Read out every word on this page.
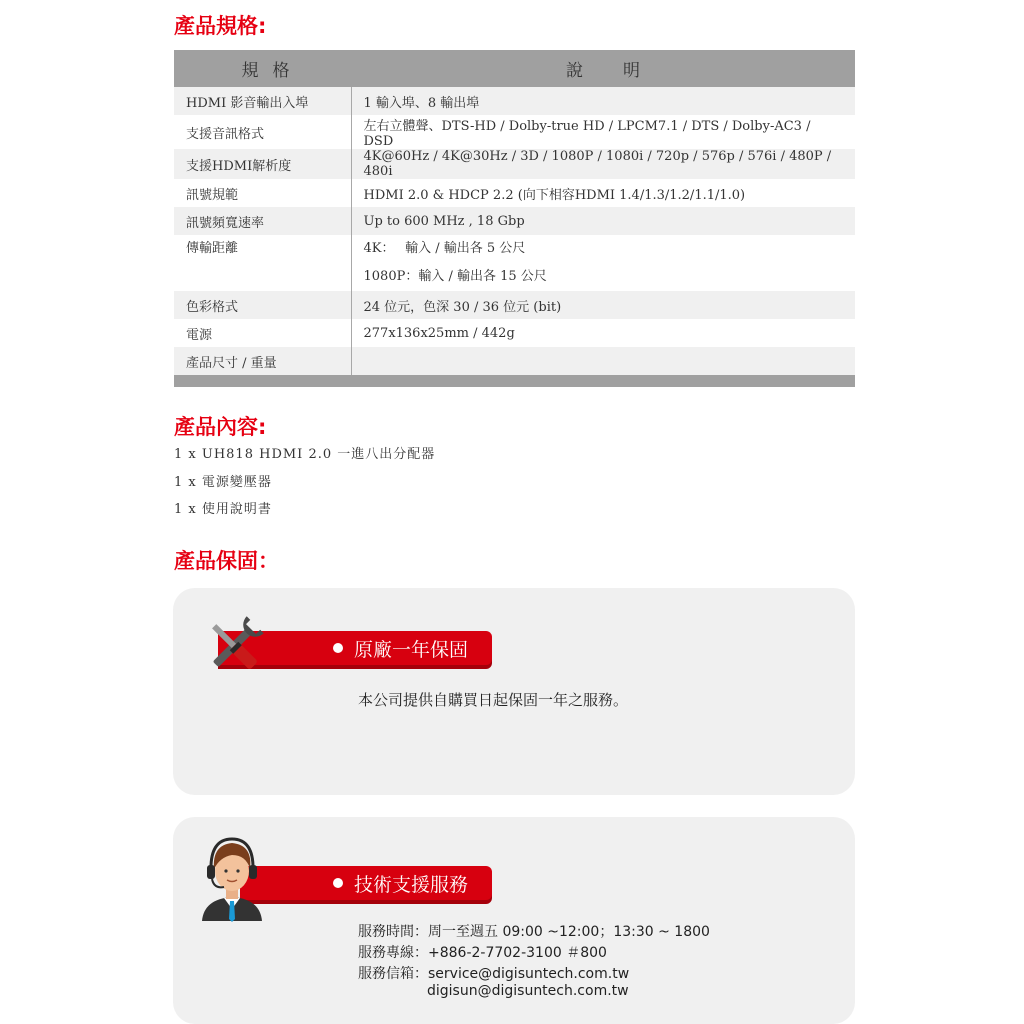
產品規格:
規格	說明
HDMI 影音輸出入埠	1 輸入埠、8 輸出埠
支援音訊格式	左右立體聲、DTS-HD / Dolby-true HD / LPCM7.1 / DTS / Dolby-AC3 / DSD
支援HDMI解析度	4K@60Hz / 4K@30Hz / 3D / 1080P / 1080i / 720p / 576p / 576i / 480P / 480i
訊號規範	HDMI 2.0 & HDCP 2.2 (向下相容HDMI 1.4/1.3/1.2/1.1/1.0)
訊號頻寬速率	Up to 600 MHz , 18 Gbp
傳輸距離	4K：　 輸入 / 輸出各 5 公尺
1080P：輸入 / 輸出各 15 公尺

色彩格式	24 位元，色深 30 / 36 位元 (bit)
電源	277x136x25mm / 442g
產品尺寸 / 重量	

產品內容:
1 x UH818 HDMI 2.0 一進八出分配器
1 x 電源變壓器
1 x 使用說明書
產品保固：
原廠一年保固
本公司提供自購買日起保固一年之服務。
技術支援服務
服務時間：周一至週五 09:00 ~12:00；13:30 ~ 1800
服務專線：+886-2-7702-3100 ＃800
服務信箱：service@digisuntech.com.tw
digisun@digisuntech.com.tw
